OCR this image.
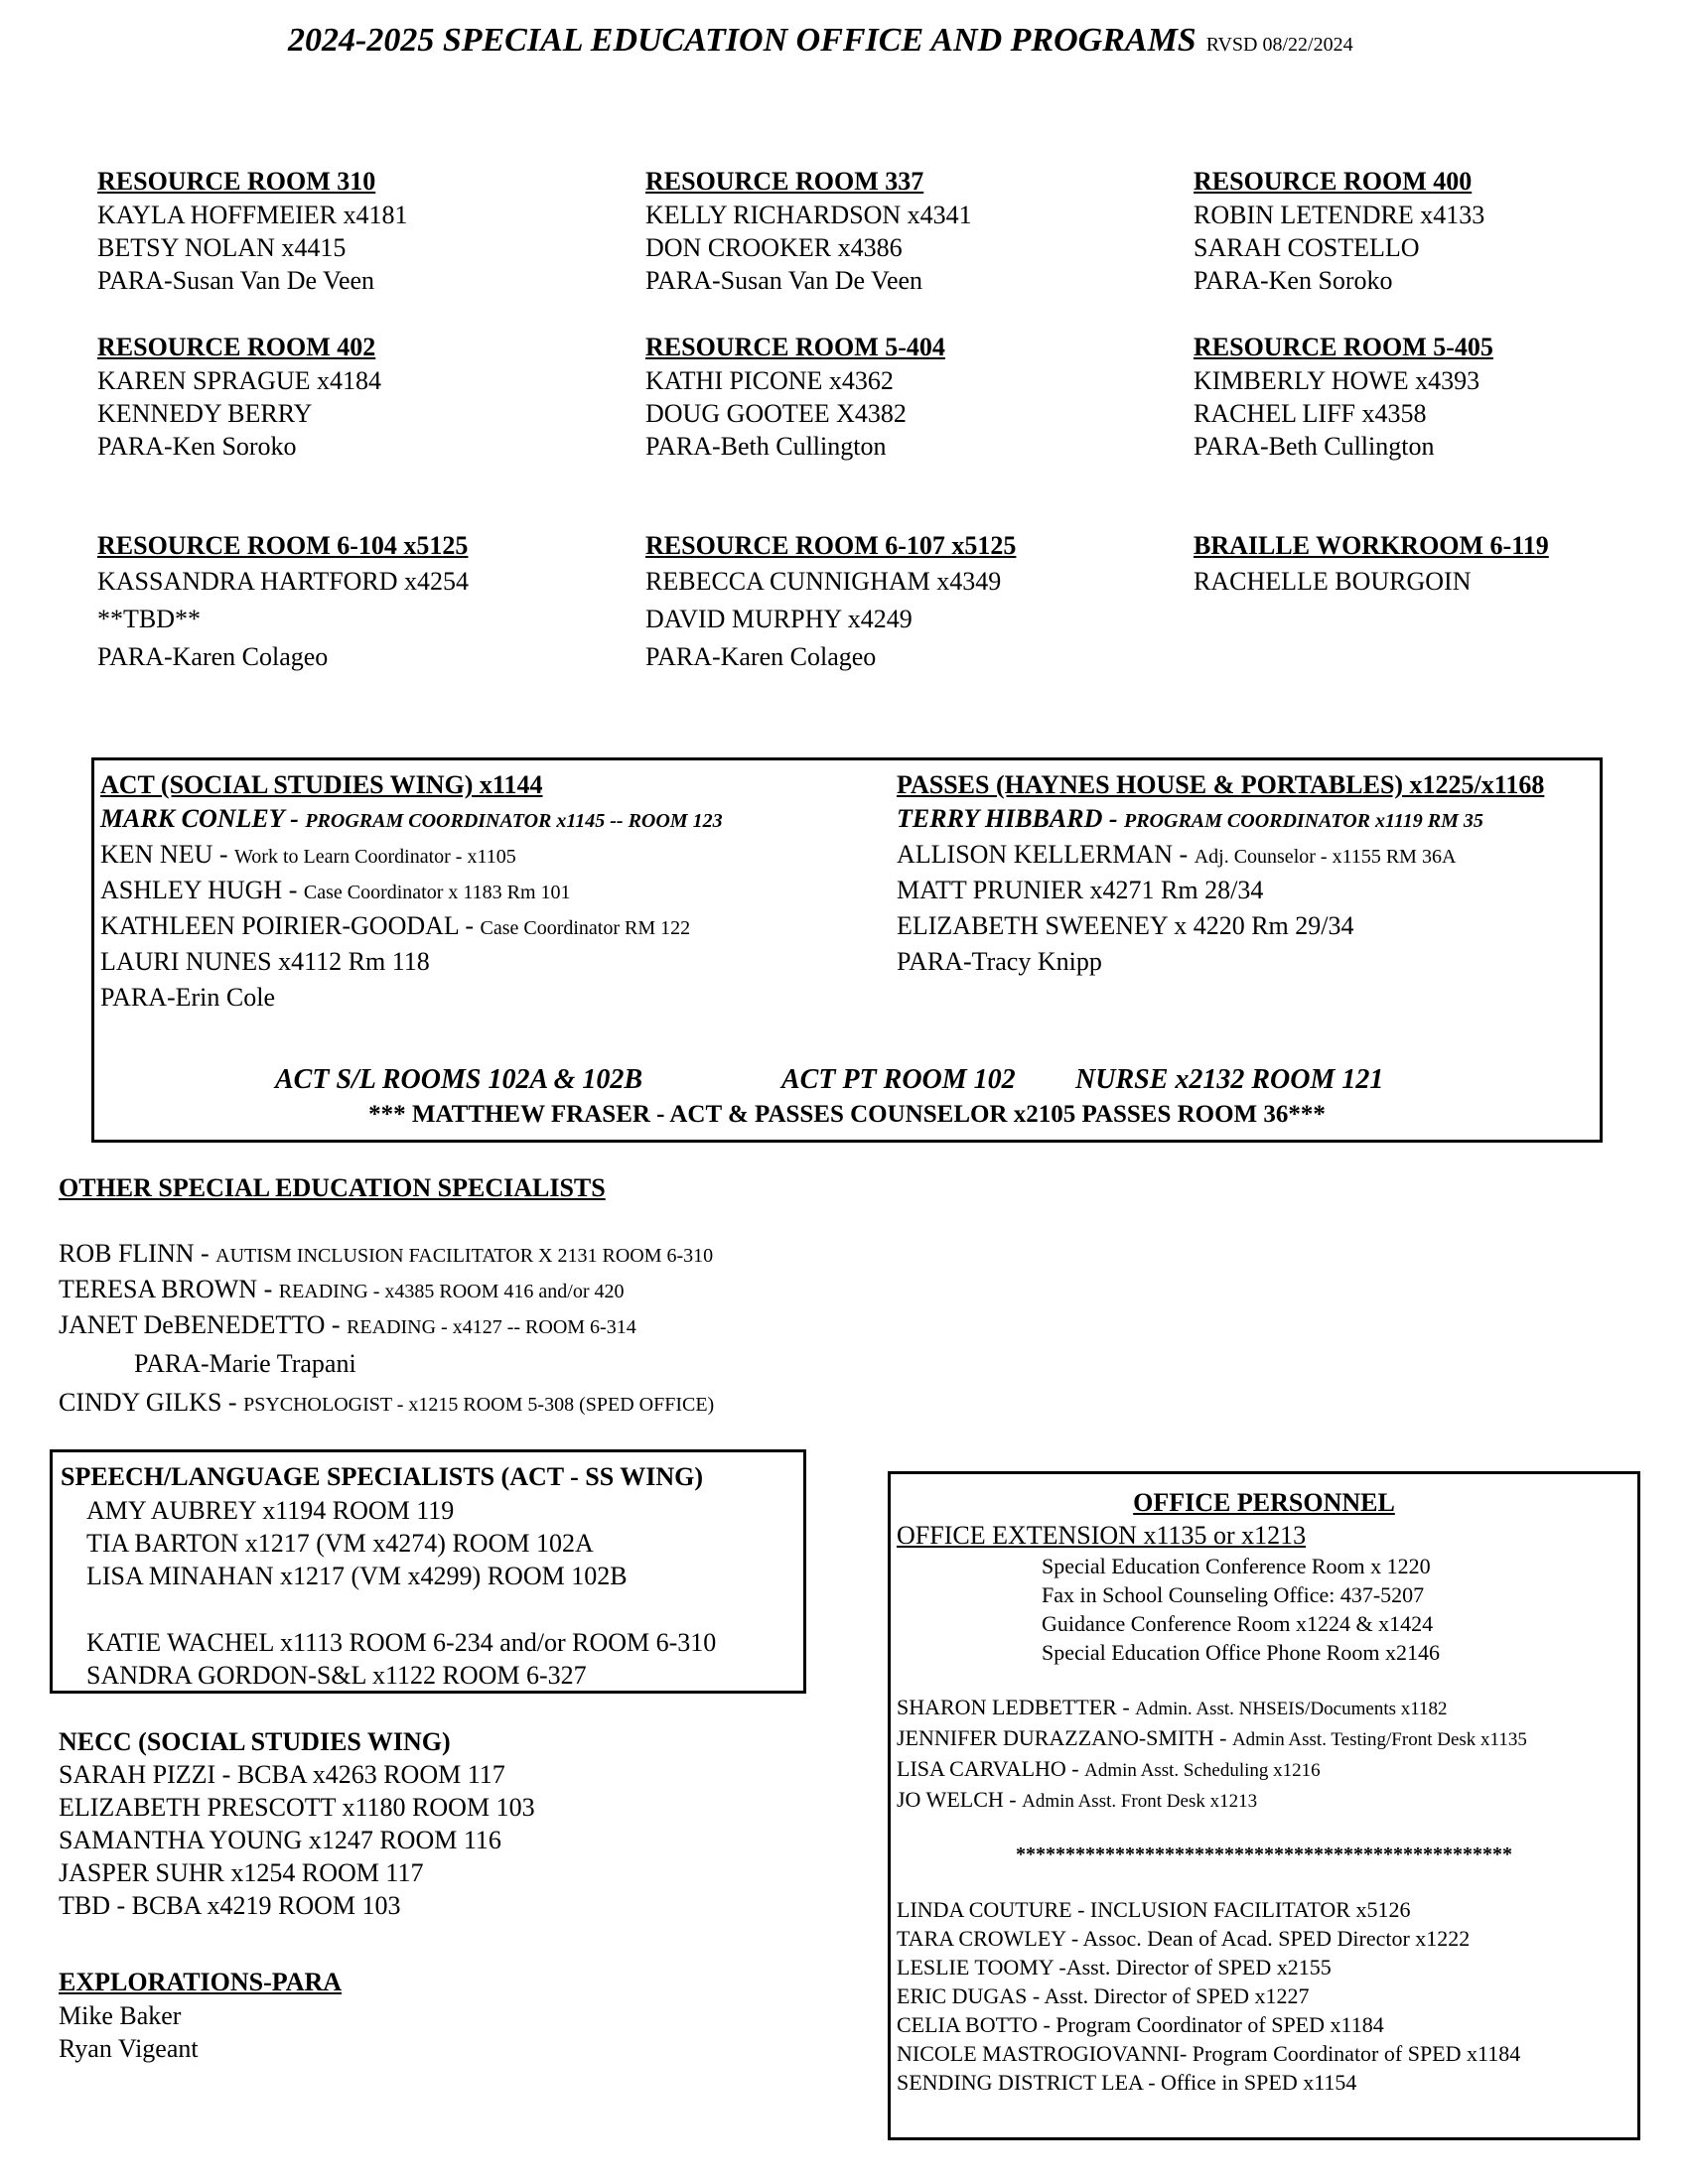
2024-2025 SPECIAL EDUCATION OFFICE AND PROGRAMS RVSD 08/22/2024
RESOURCE ROOM 310
KAYLA HOFFMEIER x4181
BETSY NOLAN x4415
PARA-Susan Van De Veen
RESOURCE ROOM 337
KELLY RICHARDSON x4341
DON CROOKER x4386
PARA-Susan Van De Veen
RESOURCE ROOM 400
ROBIN LETENDRE x4133
SARAH COSTELLO
PARA-Ken Soroko
RESOURCE ROOM 402
KAREN SPRAGUE x4184
KENNEDY BERRY
PARA-Ken Soroko
RESOURCE ROOM 5-404
KATHI PICONE x4362
DOUG GOOTEE X4382
PARA-Beth Cullington
RESOURCE ROOM 5-405
KIMBERLY HOWE x4393
RACHEL LIFF x4358
PARA-Beth Cullington
RESOURCE ROOM 6-104 x5125
KASSANDRA HARTFORD x4254
**TBD**
PARA-Karen Colageo
RESOURCE ROOM 6-107 x5125
REBECCA CUNNIGHAM x4349
DAVID MURPHY x4249
PARA-Karen Colageo
BRAILLE WORKROOM 6-119
RACHELLE BOURGOIN
ACT (SOCIAL STUDIES WING) x1144
MARK CONLEY - PROGRAM COORDINATOR x1145 -- ROOM 123
KEN NEU - Work to Learn Coordinator - x1105
ASHLEY HUGH - Case Coordinator x 1183 Rm 101
KATHLEEN POIRIER-GOODAL - Case Coordinator RM 122
LAURI NUNES x4112 Rm 118
PARA-Erin Cole
PASSES (HAYNES HOUSE & PORTABLES) x1225/x1168
TERRY HIBBARD - PROGRAM COORDINATOR x1119 RM 35
ALLISON KELLERMAN - Adj. Counselor - x1155 RM 36A
MATT PRUNIER x4271 Rm 28/34
ELIZABETH SWEENEY x 4220 Rm 29/34
PARA-Tracy Knipp
ACT S/L ROOMS 102A & 102B	ACT PT ROOM 102 NURSE x2132 ROOM 121
*** MATTHEW FRASER - ACT & PASSES COUNSELOR x2105 PASSES ROOM 36***
OTHER SPECIAL EDUCATION SPECIALISTS
ROB FLINN - AUTISM INCLUSION FACILITATOR X 2131 ROOM 6-310
TERESA BROWN - READING - x4385 ROOM 416 and/or 420
JANET DeBENEDETTO - READING - x4127 -- ROOM 6-314
PARA-Marie Trapani
CINDY GILKS - PSYCHOLOGIST - x1215 ROOM 5-308 (SPED OFFICE)
SPEECH/LANGUAGE SPECIALISTS (ACT - SS WING)
AMY AUBREY x1194 ROOM 119
TIA BARTON x1217 (VM x4274) ROOM 102A
LISA MINAHAN x1217 (VM x4299) ROOM 102B
KATIE WACHEL x1113 ROOM 6-234 and/or ROOM 6-310
SANDRA GORDON-S&L x1122 ROOM 6-327
NECC (SOCIAL STUDIES WING)
SARAH PIZZI - BCBA x4263 ROOM 117
ELIZABETH PRESCOTT x1180 ROOM 103
SAMANTHA YOUNG x1247 ROOM 116
JASPER SUHR x1254 ROOM 117
TBD - BCBA x4219 ROOM 103
EXPLORATIONS-PARA
Mike Baker
Ryan Vigeant
OFFICE PERSONNEL
OFFICE EXTENSION x1135 or x1213
Special Education Conference Room x 1220
Fax in School Counseling Office: 437-5207
Guidance Conference Room x1224 & x1424
Special Education Office Phone Room x2146
SHARON LEDBETTER - Admin. Asst. NHSEIS/Documents x1182
JENNIFER DURAZZANO-SMITH - Admin Asst. Testing/Front Desk x1135
LISA CARVALHO - Admin Asst. Scheduling x1216
JO WELCH - Admin Asst. Front Desk x1213
**************************************************
LINDA COUTURE - INCLUSION FACILITATOR x5126
TARA CROWLEY - Assoc. Dean of Acad. SPED Director x1222
LESLIE TOOMY -Asst. Director of SPED x2155
ERIC DUGAS - Asst. Director of SPED x1227
CELIA BOTTO - Program Coordinator of SPED x1184
NICOLE MASTROGIOVANNI- Program Coordinator of SPED x1184
SENDING DISTRICT LEA - Office in SPED x1154
